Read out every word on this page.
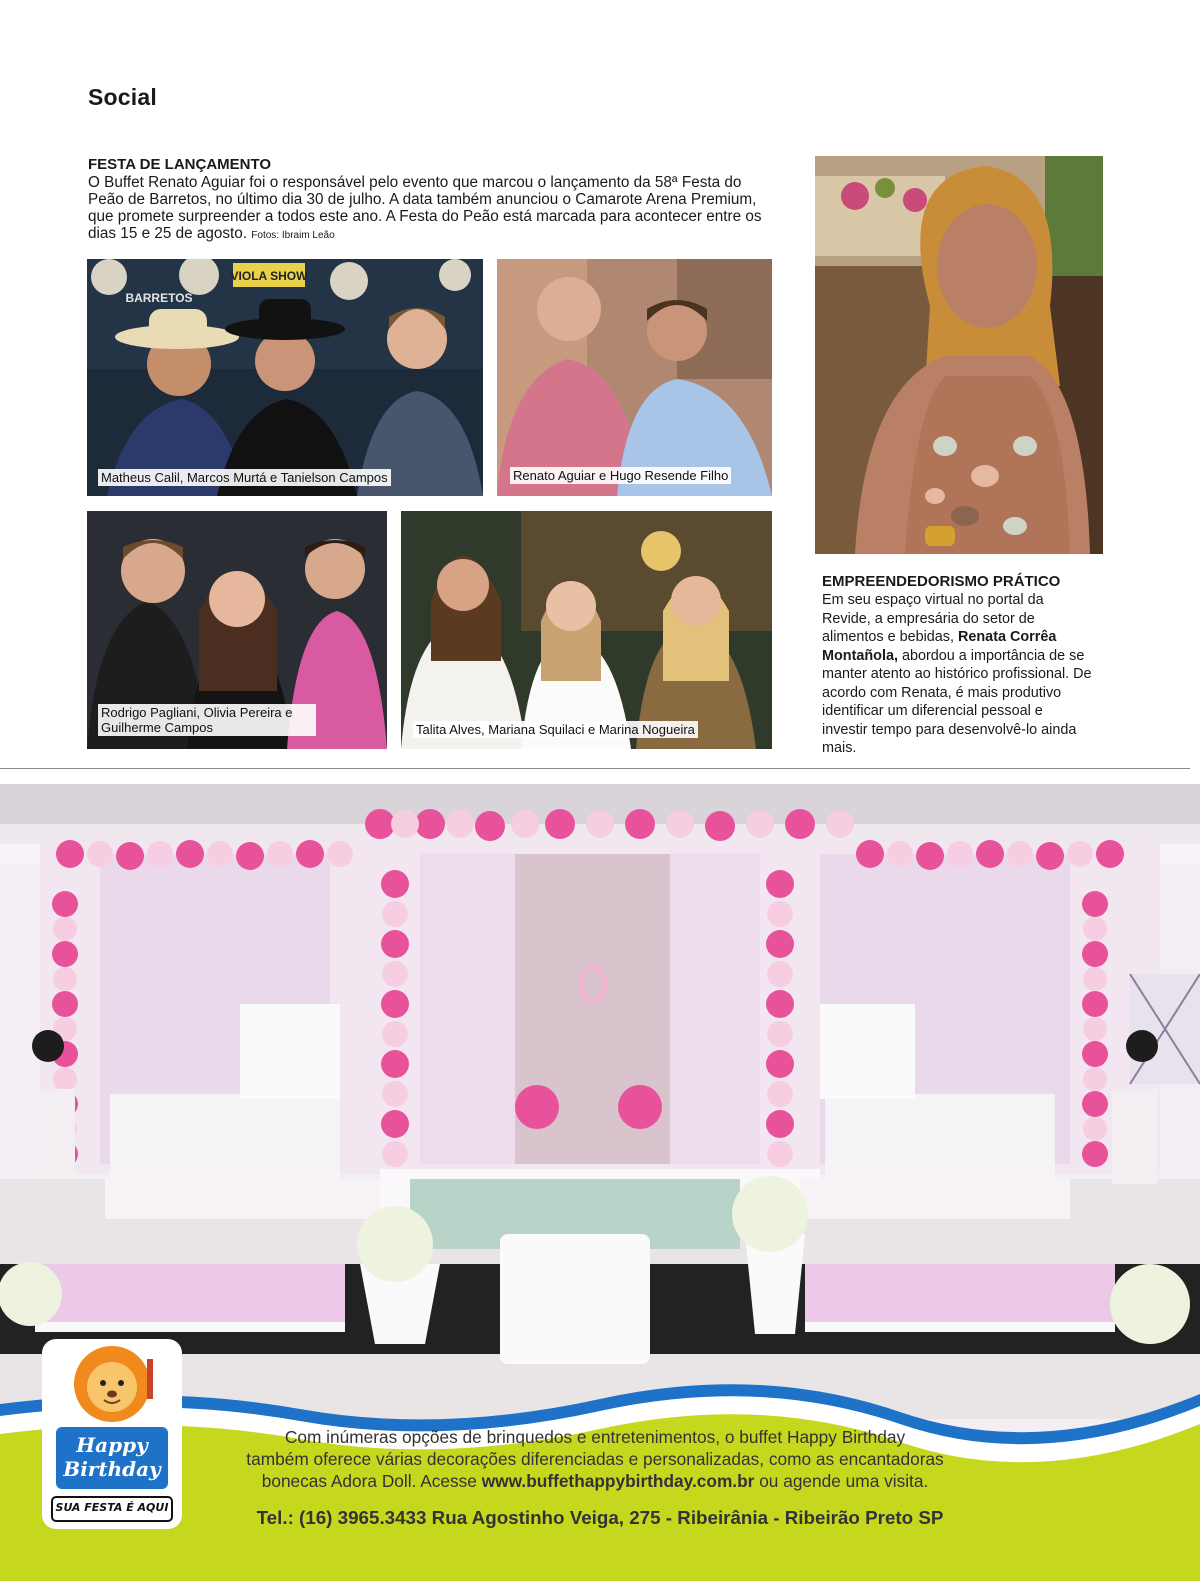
Social
FESTA DE LANÇAMENTO
O Buffet Renato Aguiar foi o responsável pelo evento que marcou o lançamento da 58ª Festa do Peão de Barretos, no último dia 30 de julho. A data também anunciou o Camarote Arena Premium, que promete surpreender a todos este ano. A Festa do Peão está marcada para acontecer entre os dias 15 e 25 de agosto. Fotos: Ibraim Leão
VIOLA SHOW
BARRETOS
Matheus Calil, Marcos Murtá e Tanielson Campos	Renato Aguiar e Hugo Resende Filho
Rodrigo Pagliani, Olivia Pereira e Guilherme Campos	Talita Alves, Mariana Squilaci e Marina Nogueira
EMPREENDEDORISMO PRÁTICO
Em seu espaço virtual no portal da Revide, a empresária do setor de alimentos e bebidas, Renata Corrêa Montañola, abordou a importância de se manter atento ao histórico profissional. De acordo com Renata, é mais produtivo identificar um diferencial pessoal e investir tempo para desenvolvê-lo ainda mais.
Happy
Birthday
SUA FESTA É AQUI
Com inúmeras opções de brinquedos e entretenimentos, o buffet Happy Birthday
também oferece várias decorações diferenciadas e personalizadas, como as encantadoras
bonecas Adora Doll. Acesse www.buffethappybirthday.com.br ou agende uma visita.
Tel.: (16) 3965.3433 Rua Agostinho Veiga, 275 - Ribeirânia - Ribeirão Preto SP
